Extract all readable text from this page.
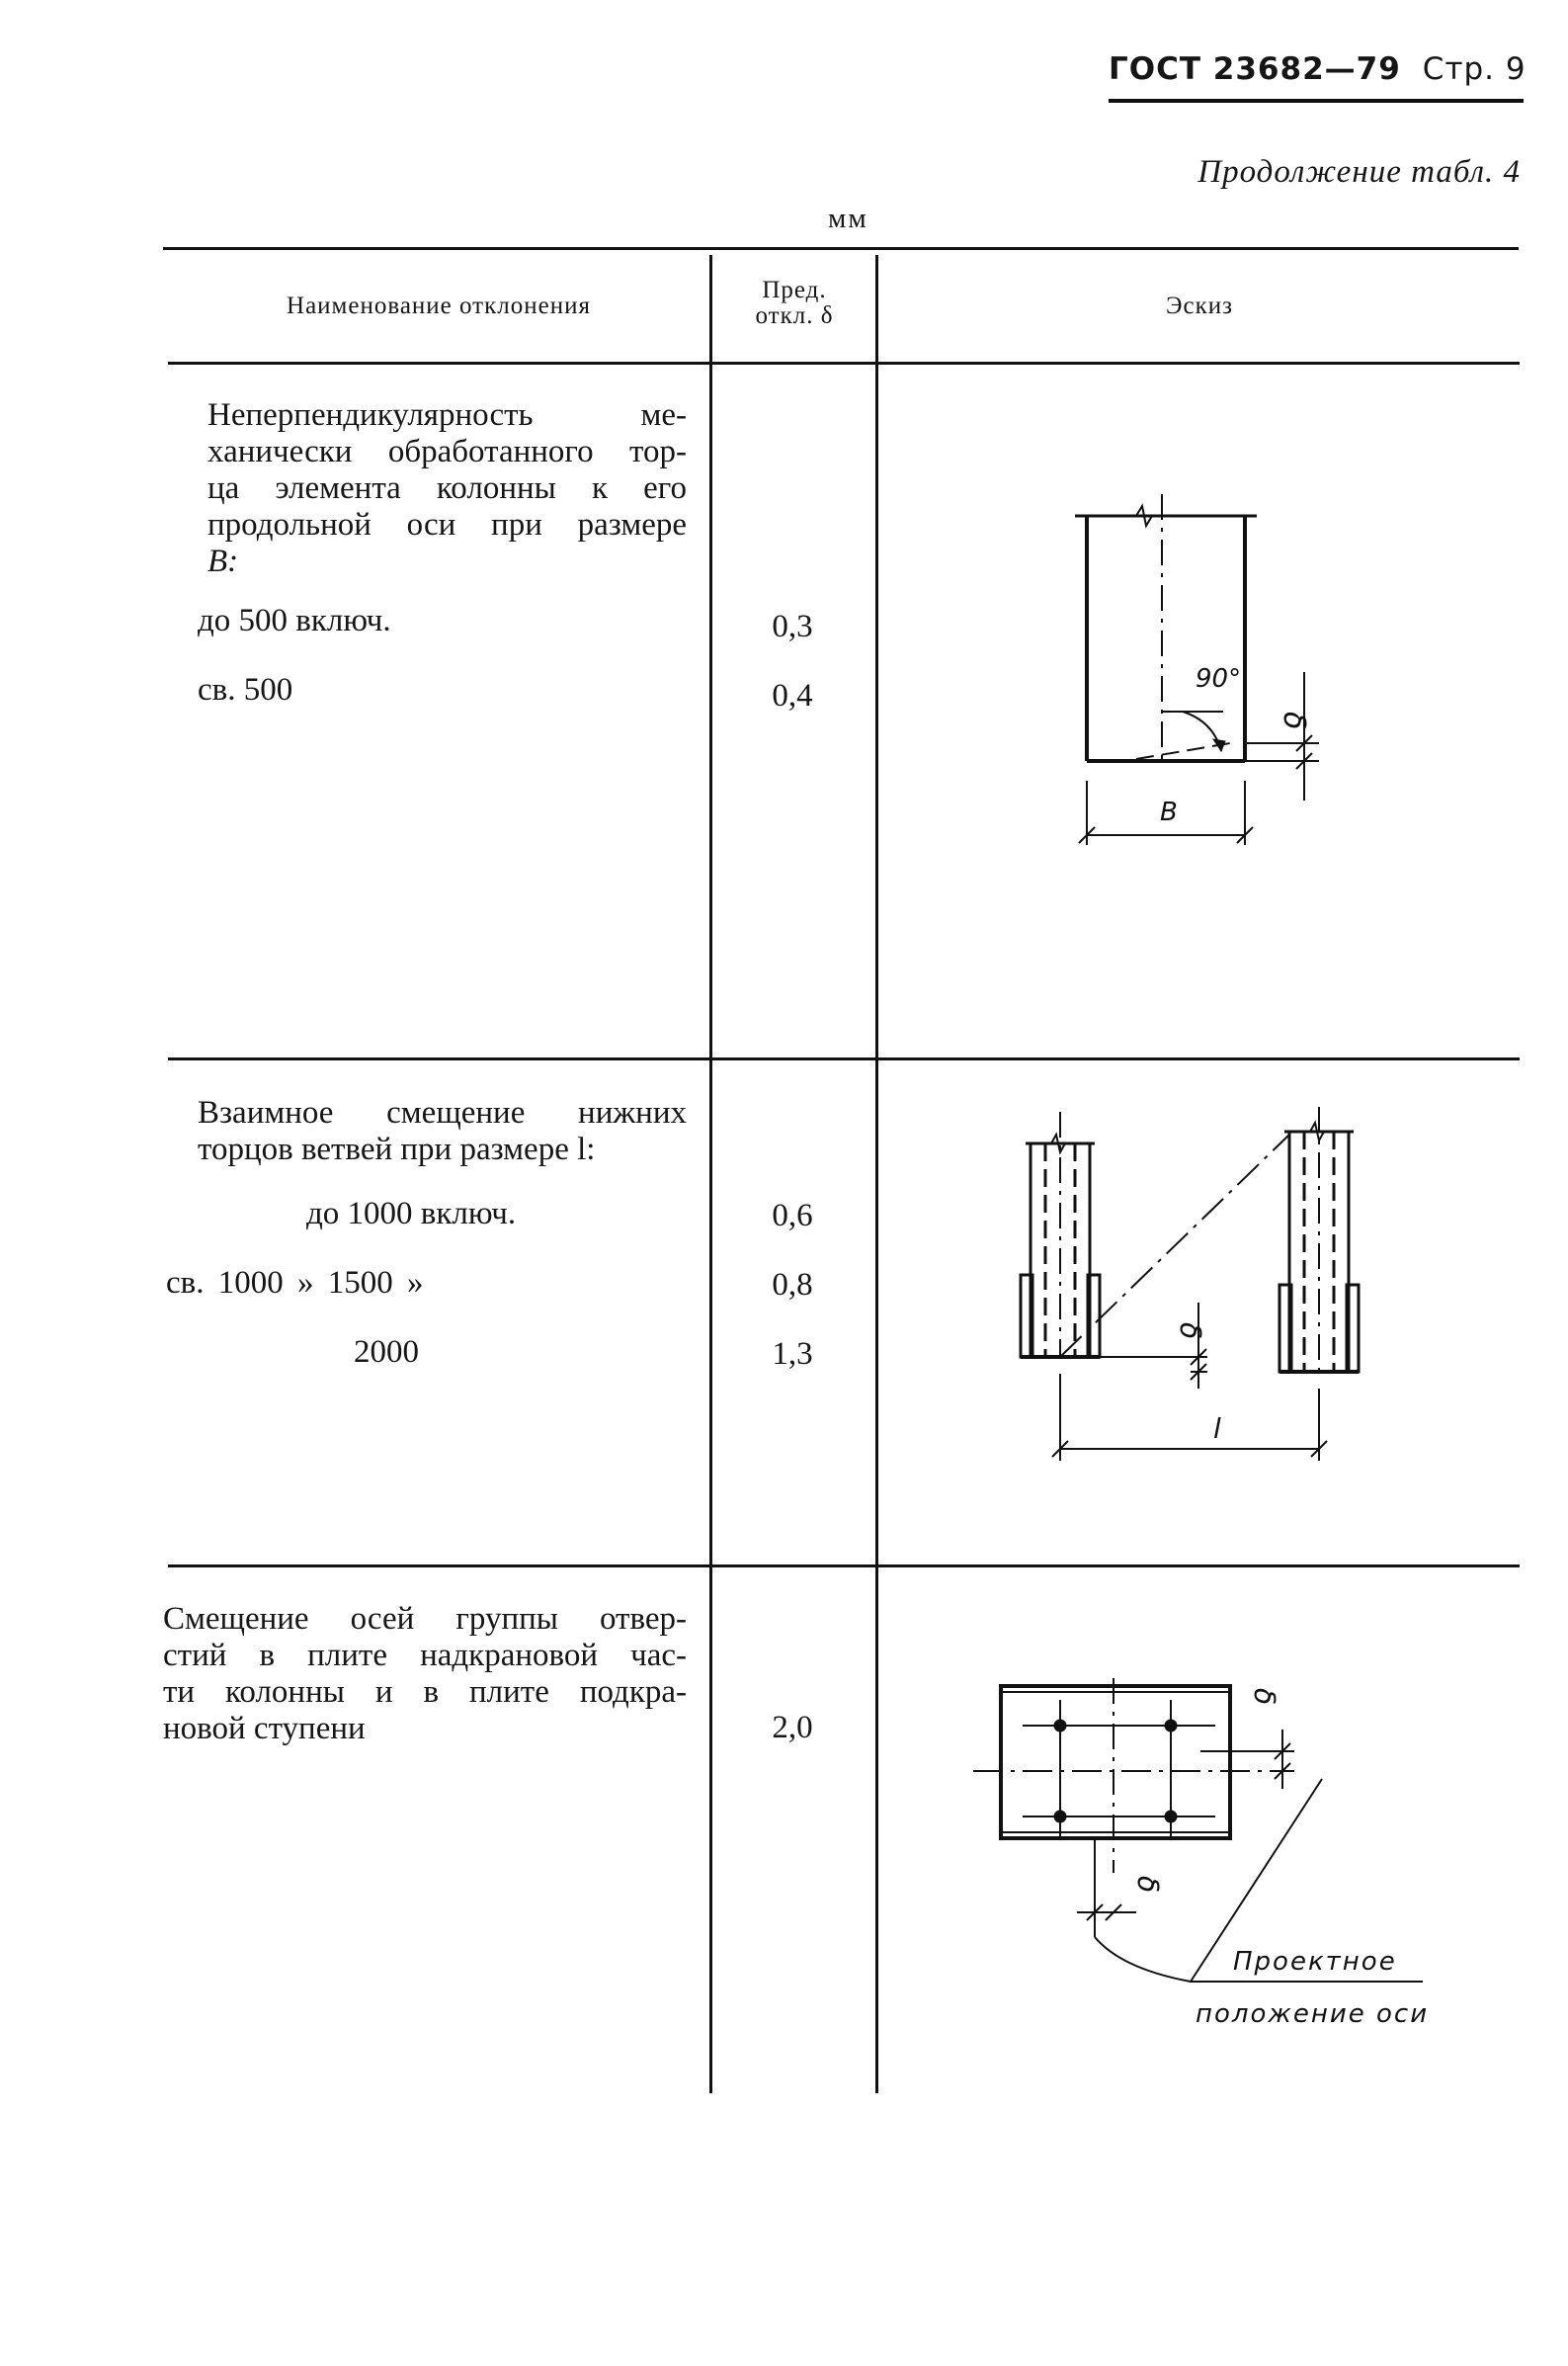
ГОСТ 23682—79 Стр. 9
Продолжение табл. 4
мм
Наименование отклонения
Пред.
откл. δ	Эскиз
Неперпендикулярность ме-
ханически обработанного тор-
ца элемента колонны к его
продольной оси при размере
B:
до 500 включ.	0,3
св. 500	0,4
Взаимное смещение нижних
торцов ветвей при размере l:
до 1000 включ.	0,6
св. 1000 » 1500 »	0,8
2000	1,3
Смещение осей группы отвер-
стий в плите надкрановой час-
ти колонны и в плите подкра-
новой ступени	2,0
90°
B
δ
δ
l
δ
δ
Проектное
положение оси
